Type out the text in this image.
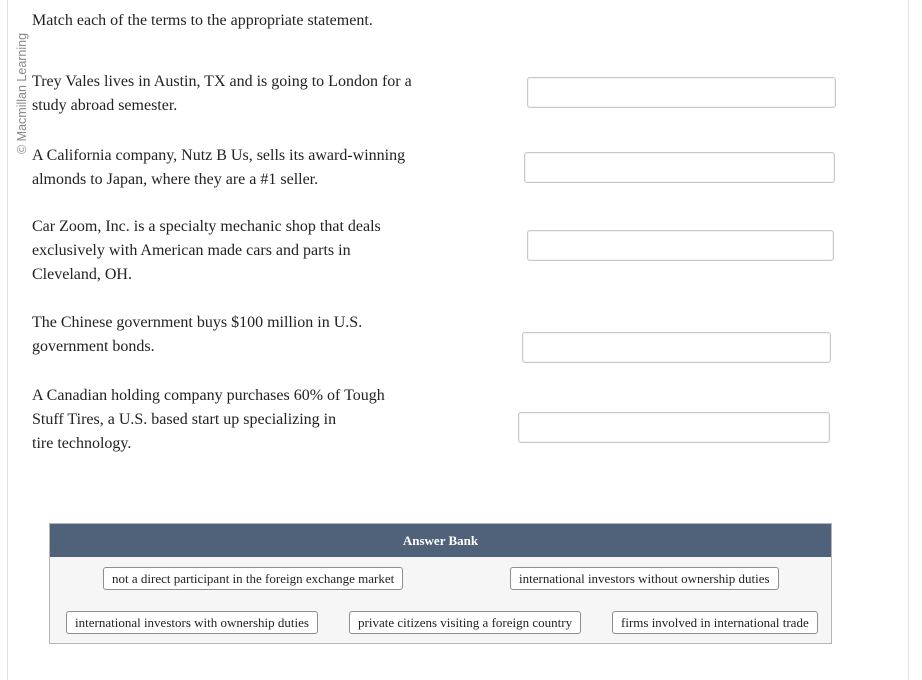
© Macmillan Learning
Match each of the terms to the appropriate statement.
Trey Vales lives in Austin, TX and is going to London for a
study abroad semester.
A California company, Nutz B Us, sells its award-winning
almonds to Japan, where they are a #1 seller.
Car Zoom, Inc. is a specialty mechanic shop that deals
exclusively with American made cars and parts in
Cleveland, OH.
The Chinese government buys $100 million in U.S.
government bonds.
A Canadian holding company purchases 60% of Tough
Stuff Tires, a U.S. based start up specializing in
tire technology.
Answer Bank
not a direct participant in the foreign exchange market	international investors without ownership duties
international investors with ownership duties	private citizens visiting a foreign country	firms involved in international trade
